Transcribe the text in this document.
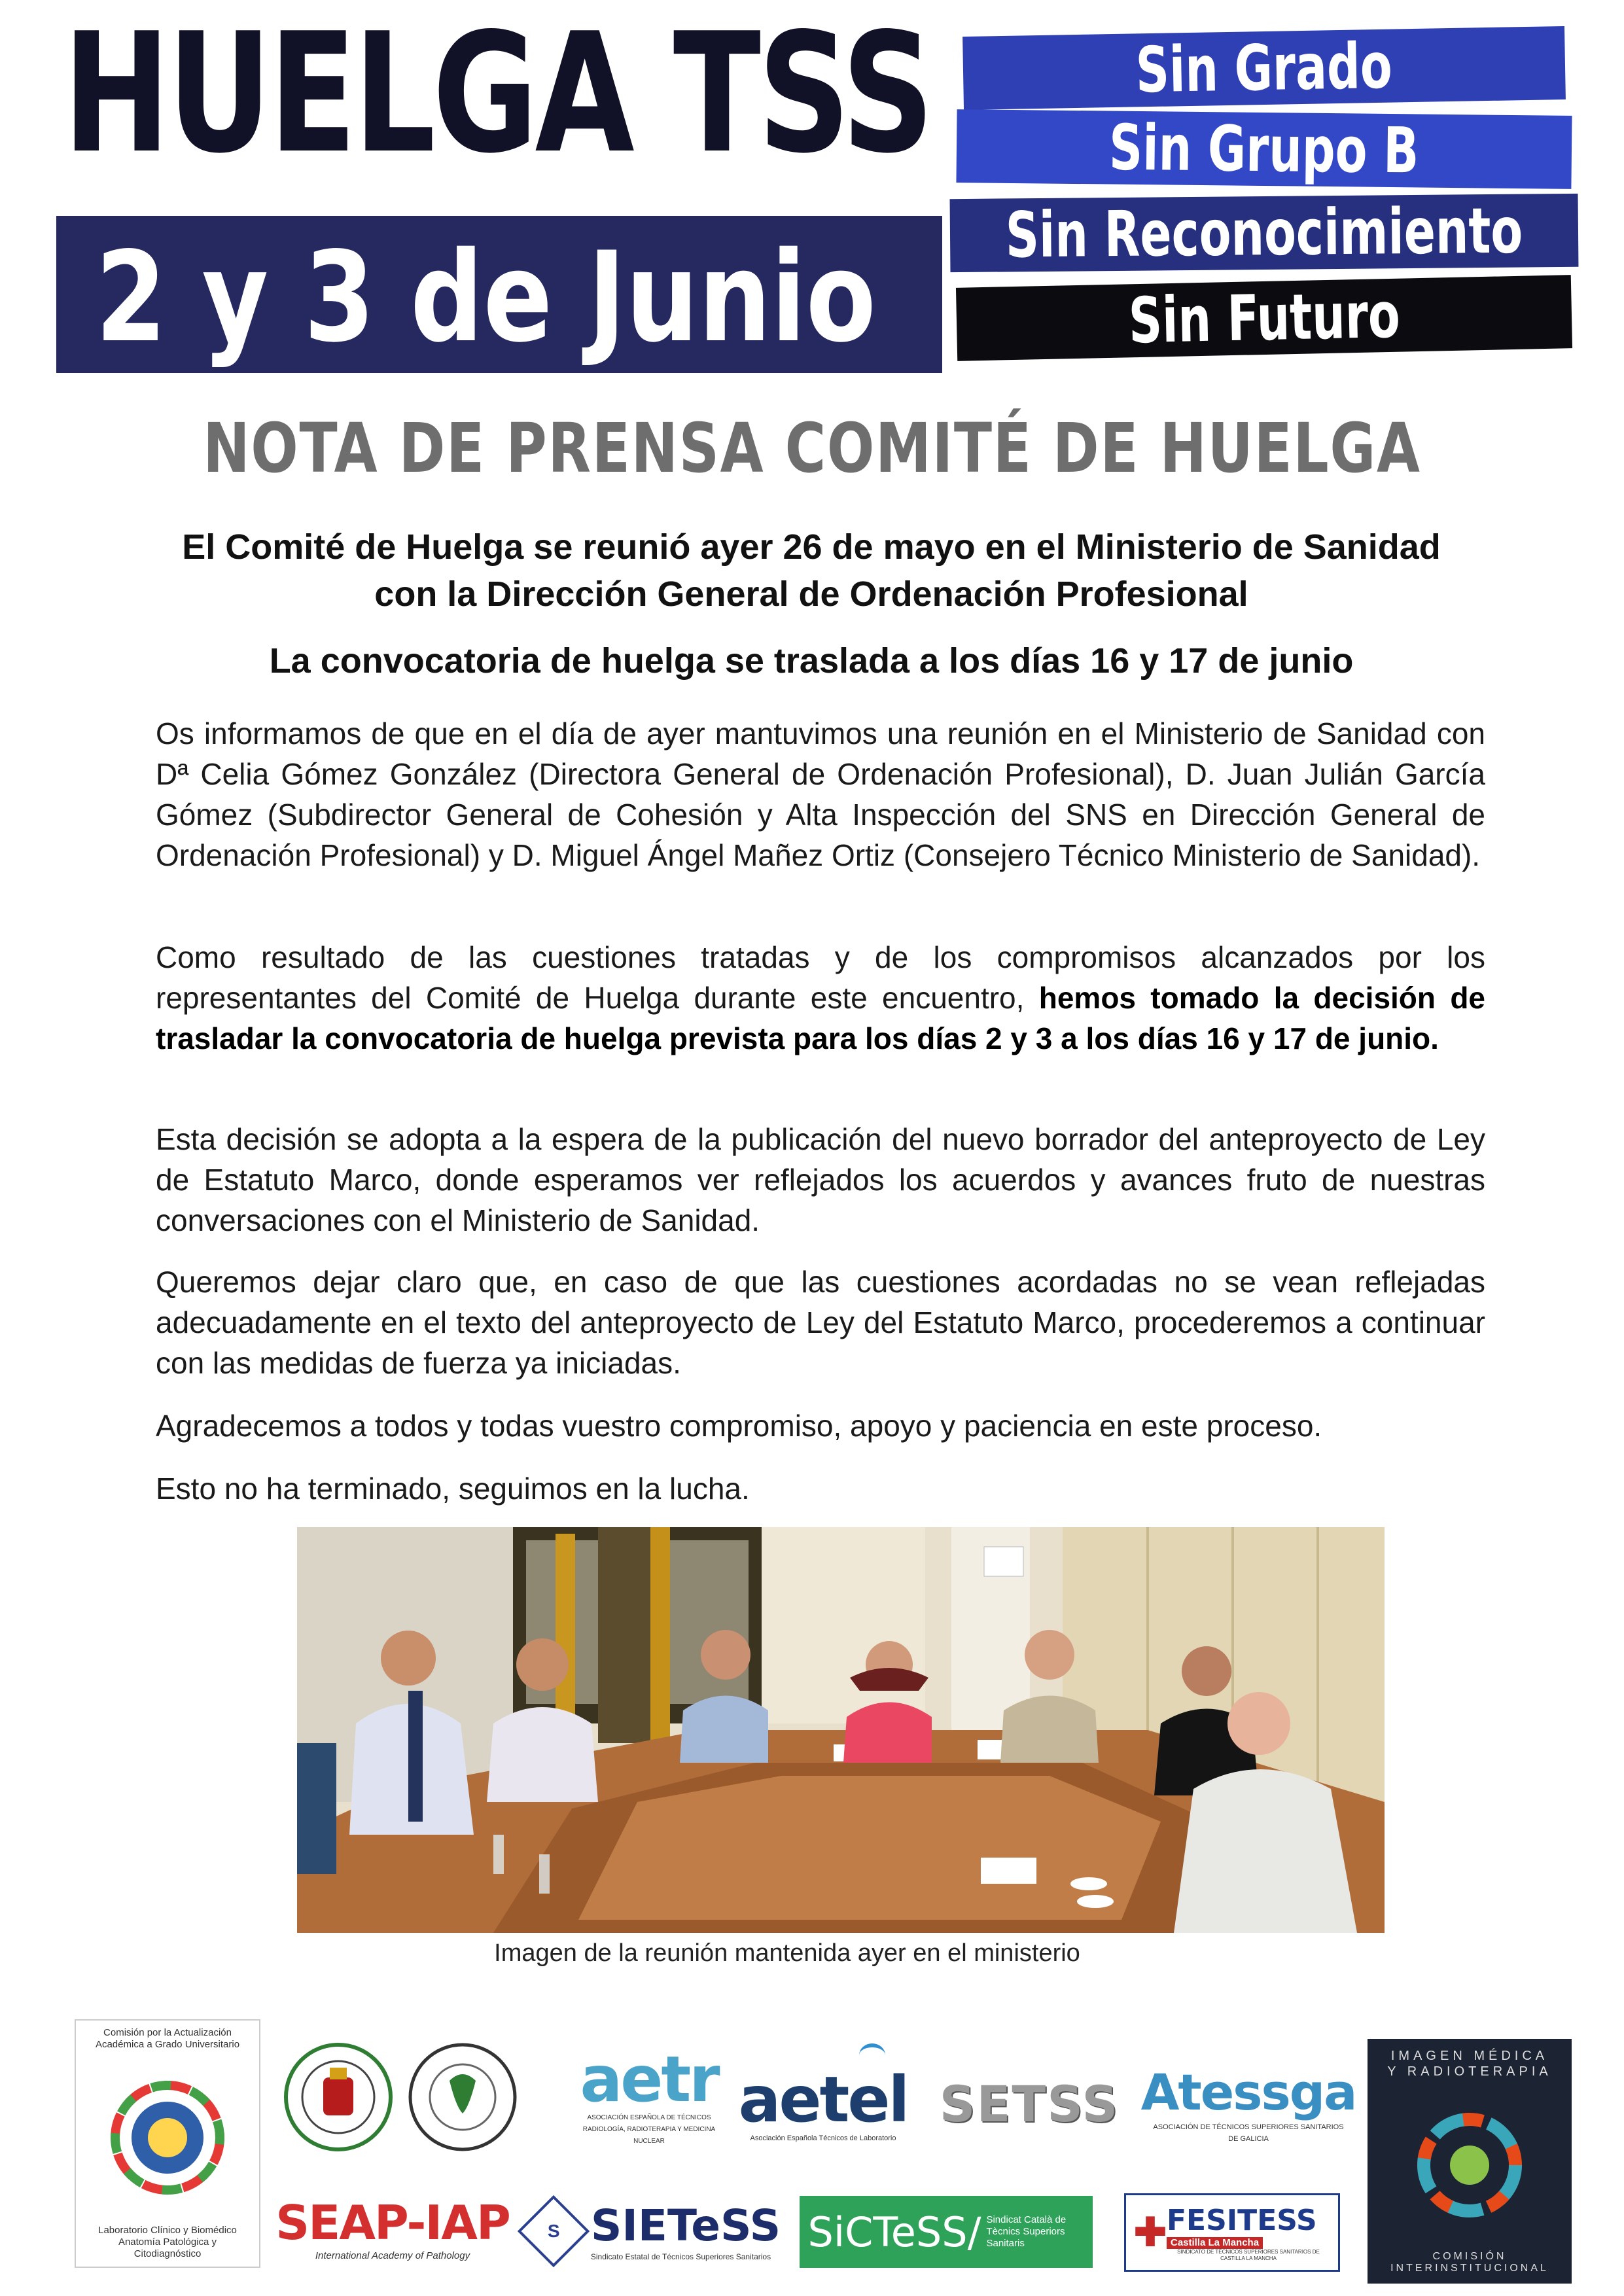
HUELGA TSS
2 y 3 de Junio
Sin Grado
Sin Grupo B
Sin Reconocimiento
Sin Futuro
NOTA DE PRENSA COMITÉ DE HUELGA
El Comité de Huelga se reunió ayer 26 de mayo en el Ministerio de Sanidad con la Dirección General de Ordenación Profesional
La convocatoria de huelga se traslada a los días 16 y 17 de junio
Os informamos de que en el día de ayer mantuvimos una reunión en el Ministerio de Sanidad con Dª Celia Gómez González (Directora General de Ordenación Profesional), D. Juan Julián García Gómez (Subdirector General de Cohesión y Alta Inspección del SNS en Dirección General de Ordenación Profesional) y D. Miguel Ángel Mañez Ortiz (Consejero Técnico Ministerio de Sanidad).
Como resultado de las cuestiones tratadas y de los compromisos alcanzados por los representantes del Comité de Huelga durante este encuentro, hemos tomado la decisión de trasladar la convocatoria de huelga prevista para los días 2 y 3 a los días 16 y 17 de junio.
Esta decisión se adopta a la espera de la publicación del nuevo borrador del anteproyecto de Ley de Estatuto Marco, donde esperamos ver reflejados los acuerdos y avances fruto de nuestras conversaciones con el Ministerio de Sanidad.
Queremos dejar claro que, en caso de que las cuestiones acordadas no se vean reflejadas adecuadamente en el texto del anteproyecto de Ley del Estatuto Marco, procederemos a continuar con las medidas de fuerza ya iniciadas.
Agradecemos a todos y todas vuestro compromiso, apoyo y paciencia en este proceso.
Esto no ha terminado, seguimos en la lucha.
Imagen de la reunión mantenida ayer en el ministerio
Comisión por la Actualización Académica a Grado Universitario
Laboratorio Clínico y Biomédico Anatomía Patológica y Citodiagnóstico
aetr
ASOCIACIÓN ESPAÑOLA DE TÉCNICOS RADIOLOGÍA, RADIOTERAPIA Y MEDICINA NUCLEAR
aetel
Asociación Española Técnicos de Laboratorio
SETSS Atessga
ASOCIACIÓN DE TÉCNICOS SUPERIORES SANITARIOS DE GALICIA
IMAGEN MÉDICA Y RADIOTERAPIA
COMISIÓN INTERINSTITUCIONAL
SEAP-IAP
International Academy of Pathology
S SIETeSS
Sindicato Estatal de Técnicos Superiores Sanitarios
SiCTeSS/ Sindicat Català de Tècnics Superiors Sanitaris	✚ FESITESS
Castilla La Mancha
SINDICATO DE TÉCNICOS SUPERIORES SANITARIOS DE CASTILLA LA MANCHA
